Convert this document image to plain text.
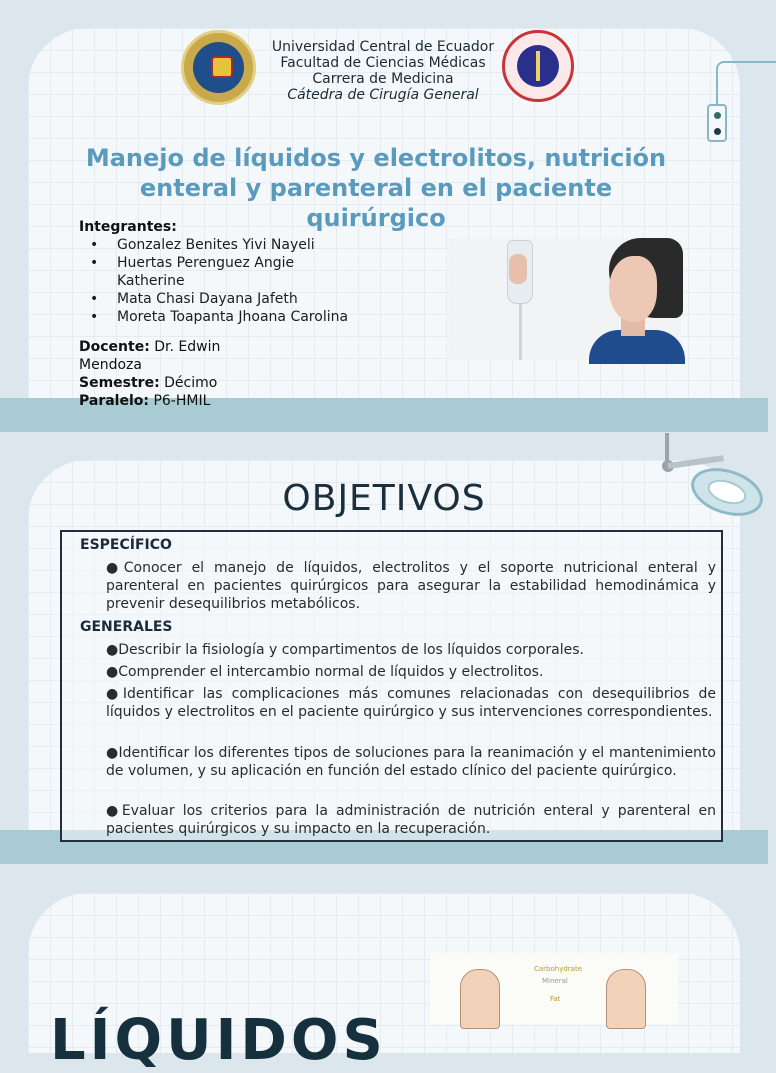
Universidad Central de Ecuador
Facultad de Ciencias Médicas
Carrera de Medicina
Cátedra de Cirugía General
Manejo de líquidos y electrolitos, nutrición enteral y parenteral en el paciente quirúrgico
Integrantes:
• Gonzalez Benites Yivi Nayeli
• Huertas Perenguez Angie Katherine
• Mata Chasi Dayana Jafeth
• Moreta Toapanta Jhoana Carolina
Docente: Dr. Edwin Mendoza
Semestre: Décimo
Paralelo: P6-HMIL
OBJETIVOS
ESPECÍFICO
●Conocer el manejo de líquidos, electrolitos y el soporte nutricional enteral y parenteral en pacientes quirúrgicos para asegurar la estabilidad hemodinámica y prevenir desequilibrios metabólicos.
GENERALES
●Describir la fisiología y compartimentos de los líquidos corporales.
●Comprender el intercambio normal de líquidos y electrolitos.
●Identificar las complicaciones más comunes relacionadas con desequilibrios de líquidos y electrolitos en el paciente quirúrgico y sus intervenciones correspondientes.
●Identificar los diferentes tipos de soluciones para la reanimación y el mantenimiento de volumen, y su aplicación en función del estado clínico del paciente quirúrgico.
●Evaluar los criterios para la administración de nutrición enteral y parenteral en pacientes quirúrgicos y su impacto en la recuperación.
LÍQUIDOS
Carbohydrate
Mineral
Fat
